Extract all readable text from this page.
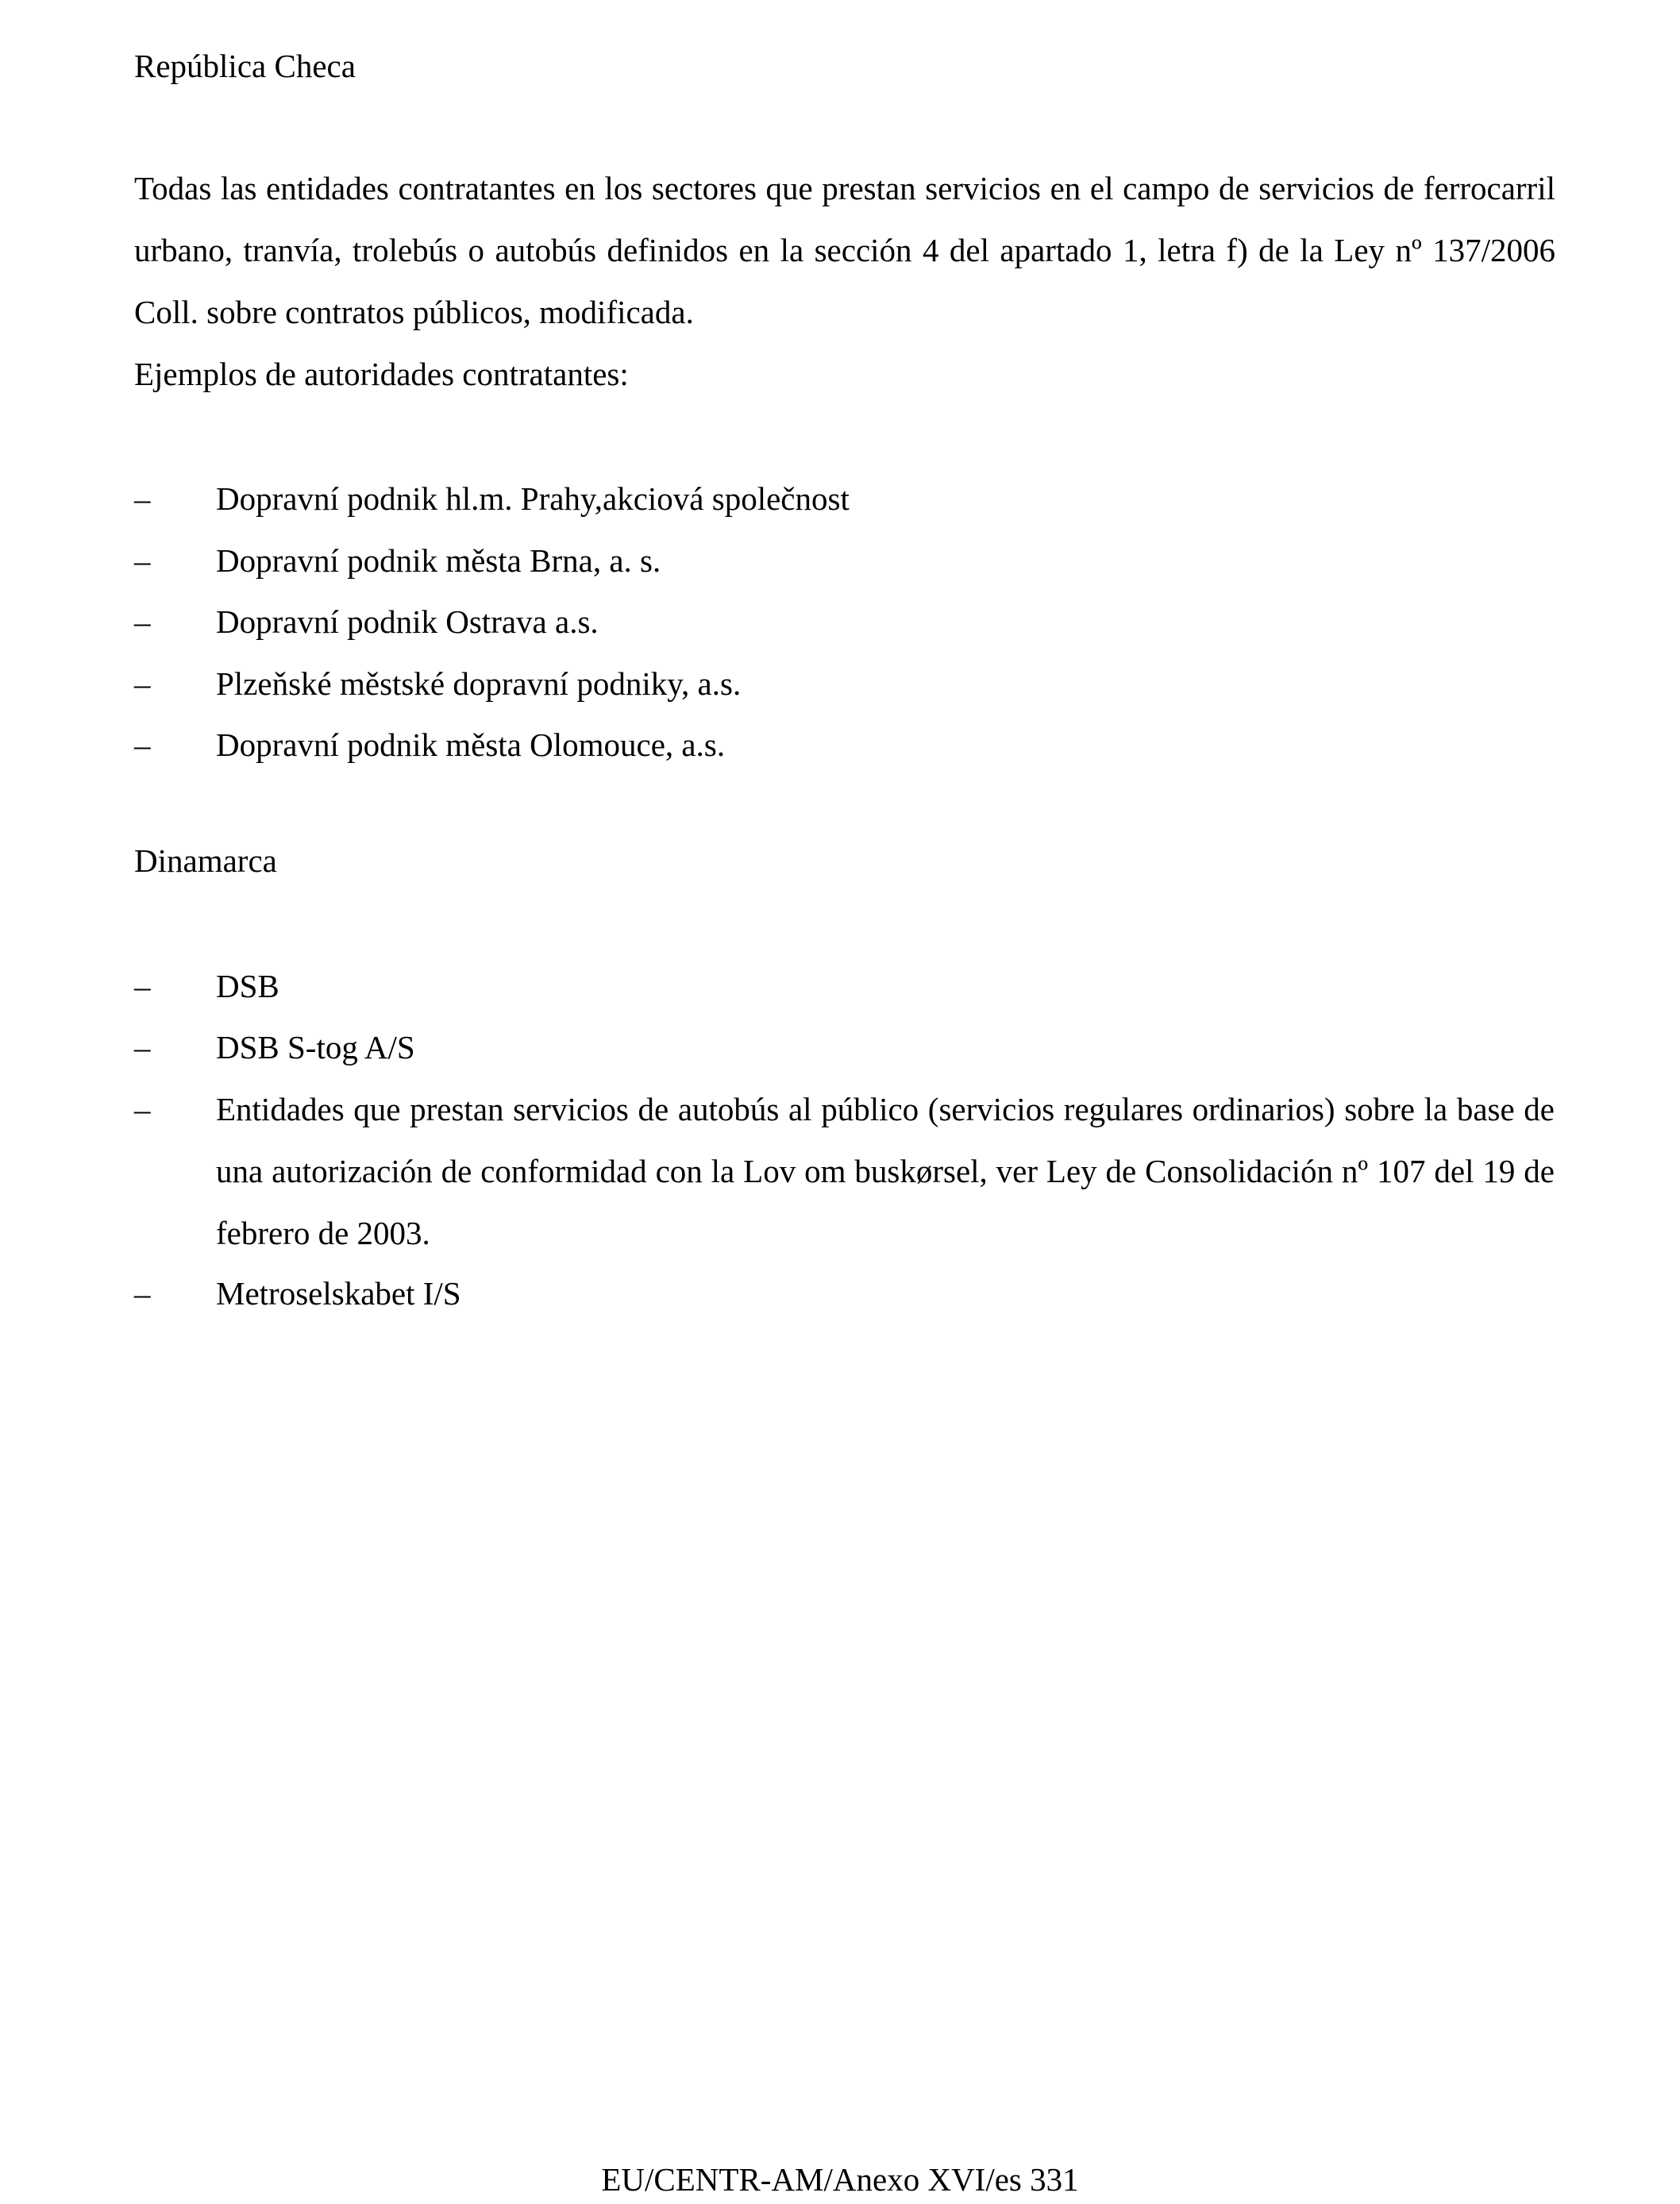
República Checa
Todas las entidades contratantes en los sectores que prestan servicios en el campo de servicios de ferrocarril urbano, tranvía, trolebús o autobús definidos en la sección 4 del apartado 1, letra f) de la Ley nº 137/2006 Coll. sobre contratos públicos, modificada.
Ejemplos de autoridades contratantes:
–	Dopravní podnik hl.m. Prahy,akciová společnost
–	Dopravní podnik města Brna, a. s.
–	Dopravní podnik Ostrava a.s.
–	Plzeňské městské dopravní podniky, a.s.
–	Dopravní podnik města Olomouce, a.s.
Dinamarca
–	DSB
–	DSB S-tog A/S
–	Entidades que prestan servicios de autobús al público (servicios regulares ordinarios) sobre la base de una autorización de conformidad con la Lov om buskørsel, ver Ley de Consolidación nº 107 del 19 de febrero de 2003.
–	Metroselskabet I/S
EU/CENTR-AM/Anexo XVI/es 331
